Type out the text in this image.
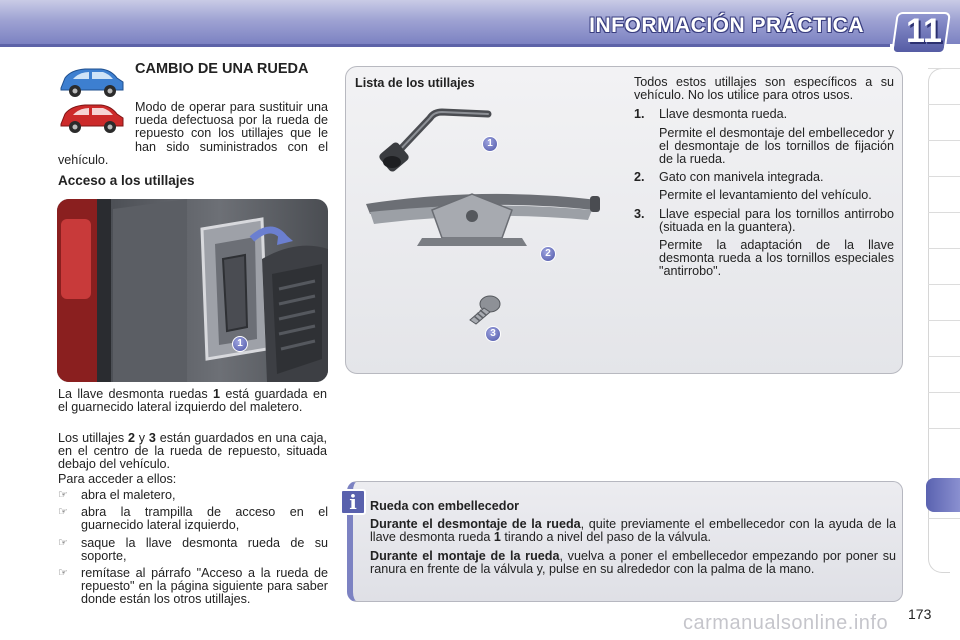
INFORMACIÓN PRÁCTICA 11
CAMBIO DE UNA RUEDA
Modo de operar para sustituir una rueda defectuosa por la rueda de repuesto con los utillajes que le han sido suministrados con el vehículo.
Acceso a los utillajes
1
La llave desmonta ruedas 1 está guardada en el guarnecido lateral izquierdo del maletero.
Los utillajes 2 y 3 están guardados en una caja, en el centro de la rueda de repuesto, situada debajo del vehículo.
Para acceder a ellos:
☞ abra el maletero,
☞ abra la trampilla de acceso en el guarnecido lateral izquierdo,
☞ saque la llave desmonta rueda de su soporte,
☞ remítase al párrafo "Acceso a la rueda de repuesto" en la página siguiente para saber donde están los otros utillajes.
Lista de los utillajes
1
2
3
Todos estos utillajes son específicos a su vehículo. No los utilice para otros usos.
1. Llave desmonta rueda.
Permite el desmontaje del embellecedor y el desmontaje de los tornillos de fijación de la rueda.
2. Gato con manivela integrada.
Permite el levantamiento del vehículo.
3. Llave especial para los tornillos antirrobo (situada en la guantera).
Permite la adaptación de la llave desmonta rueda a los tornillos especiales "antirrobo".
i	Rueda con embellecedor
Durante el desmontaje de la rueda, quite previamente el embellecedor con la ayuda de la llave desmonta rueda 1 tirando a nivel del paso de la válvula.
Durante el montaje de la rueda, vuelva a poner el embellecedor empezando por poner su ranura en frente de la válvula y, pulse en su alrededor con la palma de la mano.
carmanualsonline.info 173
